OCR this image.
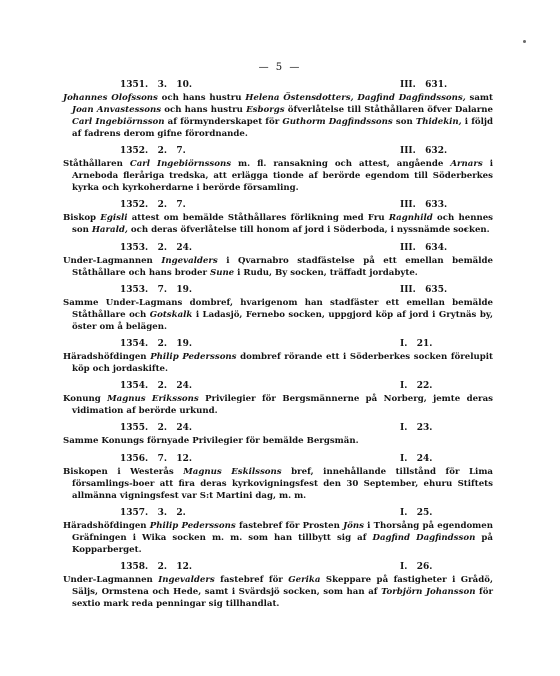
— 5 —
1351.   3.   10.	III.   631.
Johannes Olofssons och hans hustru Helena Östensdotters, Dagfind Dagfindssons, samt Joan Anvastessons och hans hustru Esborgs öfverlåtelse till Ståthållaren öfver Dalarne Carl Ingebiörnsson af förmynderskapet för Guthorm Dagfindssons son Thidekin, i följd af fadrens derom gifne förordnande.
1352.   2.   7.	III.   632.
Ståthållaren Carl Ingebiörnssons m. fl. ransakning och attest, angående Arnars i Arneboda fleråriga tredska, att erlägga tionde af berörde egendom till Söderberkes kyrka och kyrkoherdarne i berörde församling.
1352.   2.   7.	III.   633.
Biskop Egisli attest om bemälde Ståthållares förlikning med Fru Ragnhild och hennes son Harald, och deras öfverlåtelse till honom af jord i Söderboda, i nyssnämde socken.
1353.   2.   24.	III.   634.
Under-Lagmannen Ingevalders i Qvarnabro stadfästelse på ett emellan bemälde Ståthållare och hans broder Sune i Rudu, By socken, träffadt jordabyte.
1353.   7.   19.	III.   635.
Samme Under-Lagmans dombref, hvarigenom han stadfäster ett emellan bemälde Ståthållare och Gotskalk i Ladasjö, Fernebo socken, uppgjord köp af jord i Grytnäs by, öster om å belägen.
1354.   2.   19.	I.   21.
Häradshöfdingen Philip Pederssons dombref rörande ett i Söderberkes socken förelupit köp och jordaskifte.
1354.   2.   24.	I.   22.
Konung Magnus Erikssons Privilegier för Bergsmännerne på Norberg, jemte deras vidimation af berörde urkund.
1355.   2.   24.	I.   23.
Samme Konungs förnyade Privilegier för bemälde Bergsmän.
1356.   7.   12.	I.   24.
Biskopen i Westerås Magnus Eskilssons bref, innehållande tillstånd för Lima församlings-boer att fira deras kyrkovigningsfest den 30 September, ehuru Stiftets allmänna vigningsfest var S:t Martini dag, m. m.
1357.   3.   2.	I.   25.
Häradshöfdingen Philip Pederssons fastebref för Prosten Jöns i Thorsång på egendomen Gräfningen i Wika socken m. m. som han tillbytt sig af Dagfind Dagfindsson på Kopparberget.
1358.   2.   12.	I.   26.
Under-Lagmannen Ingevalders fastebref för Gerika Skeppare på fastigheter i Grådö, Säljs, Ormstena och Hede, samt i Svärdsjö socken, som han af Torbjörn Johansson för sextio mark reda penningar sig tillhandlat.
